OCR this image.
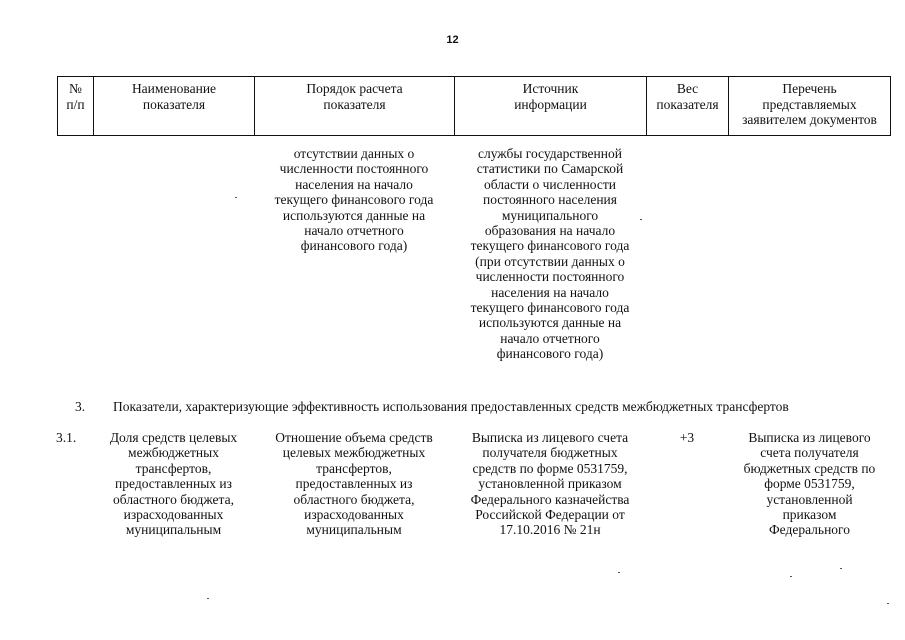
12
№
п/п
Наименование
показателя
Порядок расчета
показателя
Источник
информации
Вес
показателя
Перечень
представляемых
заявителем документов
отсутствии данных о
численности постоянного
населения на начало
текущего финансового года
используются данные на
начало отчетного
финансового года)
службы государственной
статистики по Самарской
области о численности
постоянного населения
муниципального
образования на начало
текущего финансового года
(при отсутствии данных о
численности постоянного
населения на начало
текущего финансового года
используются данные на
начало отчетного
финансового года)
3. Показатели, характеризующие эффективность использования предоставленных средств межбюджетных трансфертов
3.1.	Доля средств целевых
межбюджетных
трансфертов,
предоставленных из
областного бюджета,
израсходованных
муниципальным
Отношение объема средств
целевых межбюджетных
трансфертов,
предоставленных из
областного бюджета,
израсходованных
муниципальным
Выписка из лицевого счета
получателя бюджетных
средств по форме 0531759,
установленной приказом
Федерального казначейства
Российской Федерации от
17.10.2016 № 21н
+3	Выписка из лицевого
счета получателя
бюджетных средств по
форме 0531759,
установленной
приказом
Федерального
